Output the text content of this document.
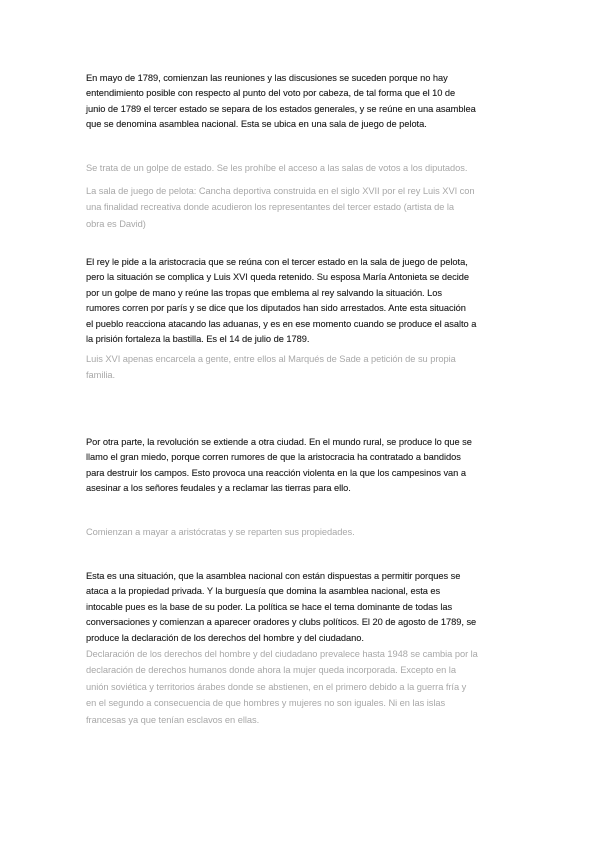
En mayo de 1789, comienzan las reuniones y las discusiones se suceden porque no hay
entendimiento posible con respecto al punto del voto por cabeza, de tal forma que el 10 de
junio de 1789 el tercer estado se separa de los estados generales, y se reúne en una asamblea
que se denomina asamblea nacional. Esta se ubica en una sala de juego de pelota.

Se trata de un golpe de estado. Se les prohíbe el acceso a las salas de votos a los diputados.

La sala de juego de pelota: Cancha deportiva construida en el siglo XVII por el rey Luis XVI con
una finalidad recreativa donde acudieron los representantes del tercer estado (artista de la
obra es David)

El rey le pide a la aristocracia que se reúna con el tercer estado en la sala de juego de pelota,
pero la situación se complica y Luis XVI queda retenido. Su esposa María Antonieta se decide
por un golpe de mano y reúne las tropas que emblema al rey salvando la situación. Los
rumores corren por parís y se dice que los diputados han sido arrestados. Ante esta situación
el pueblo reacciona atacando las aduanas, y es en ese momento cuando se produce el asalto a
la prisión fortaleza la bastilla. Es el 14 de julio de 1789.

Luis XVI apenas encarcela a gente, entre ellos al Marqués de Sade a petición de su propia
familia.

Por otra parte, la revolución se extiende a otra ciudad. En el mundo rural, se produce lo que se
llamo el gran miedo, porque corren rumores de que la aristocracia ha contratado a bandidos
para destruir los campos. Esto provoca una reacción violenta en la que los campesinos van a
asesinar a los señores feudales y a reclamar las tierras para ello.

Comienzan a mayar a aristócratas y se reparten sus propiedades.

Esta es una situación, que la asamblea nacional con están dispuestas a permitir porques se
ataca a la propiedad privada. Y la burguesía que domina la asamblea nacional, esta es
intocable pues es la base de su poder. La política se hace el tema dominante de todas las
conversaciones y comienzan a aparecer oradores y clubs políticos. El 20 de agosto de 1789, se
produce la declaración de los derechos del hombre y del ciudadano.

Declaración de los derechos del hombre y del ciudadano prevalece hasta 1948 se cambia por la
declaración de derechos humanos donde ahora la mujer queda incorporada. Excepto en la
unión soviética y territorios árabes donde se abstienen, en el primero debido a la guerra fría y
en el segundo a consecuencia de que hombres y mujeres no son iguales. Ni en las islas
francesas ya que tenían esclavos en ellas.
